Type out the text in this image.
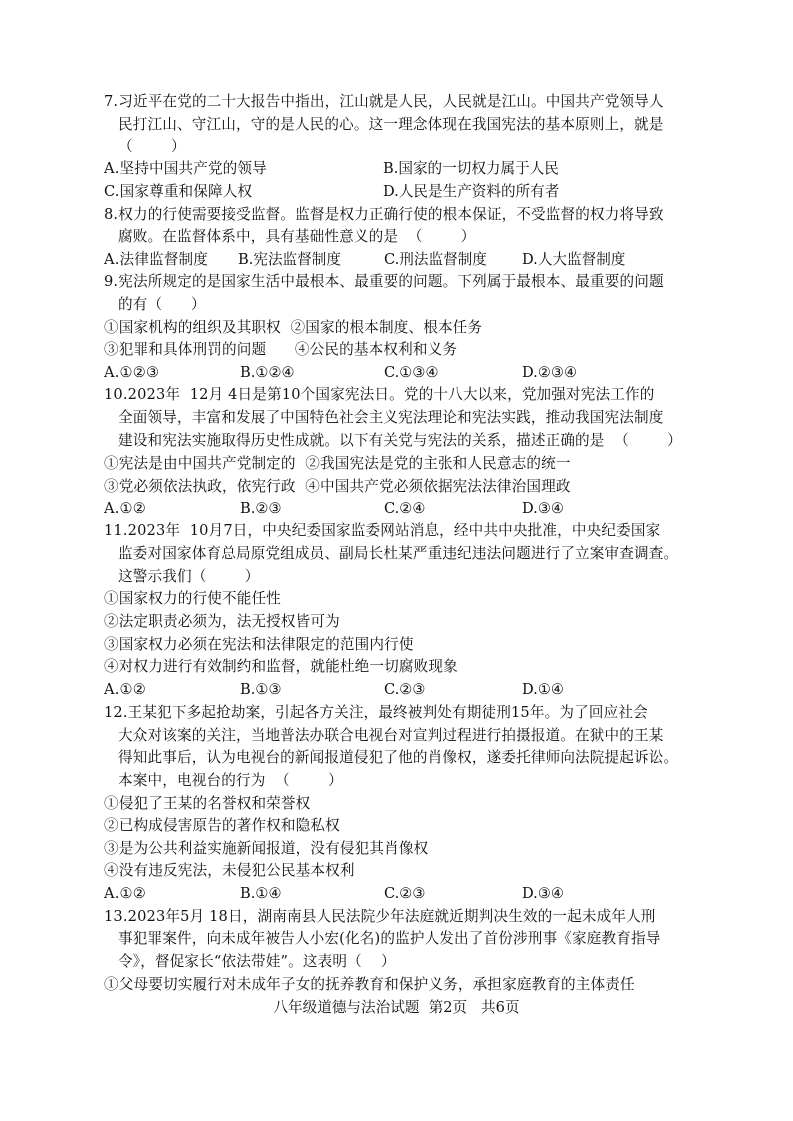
7.习近平在党的二十大报告中指出，江山就是人民，人民就是江山。中国共产党领导人
民打江山、守江山，守的是人民的心。这一理念体现在我国宪法的基本原则上，就是
（        ）
A.坚持中国共产党的领导	B.国家的一切权力属于人民
C.国家尊重和保障人权	D.人民是生产资料的所有者
8.权力的行使需要接受监督。监督是权力正确行使的根本保证，不受监督的权力将导致
腐败。在监督体系中，具有基础性意义的是  （        ）
A.法律监督制度 B.宪法监督制度	C.刑法监督制度 D.人大监督制度
9.宪法所规定的是国家生活中最根本、最重要的问题。下列属于最根本、最重要的问题
的有（      ）
①国家机构的组织及其职权  ②国家的根本制度、根本任务
③犯罪和具体刑罚的问题      ④公民的基本权利和义务
A.①②③	B.①②④	C.①③④	D.②③④
10.2023年  12月 4日是第10个国家宪法日。党的十八大以来，党加强对宪法工作的
全面领导，丰富和发展了中国特色社会主义宪法理论和宪法实践，推动我国宪法制度
建设和宪法实施取得历史性成就。以下有关党与宪法的关系，描述正确的是  （        ）
①宪法是由中国共产党制定的  ②我国宪法是党的主张和人民意志的统一
③党必须依法执政，依宪行政  ④中国共产党必须依据宪法法律治国理政
A.①②	B.②③	C.②④	D.③④
11.2023年  10月7日，中央纪委国家监委网站消息，经中共中央批准，中央纪委国家
监委对国家体育总局原党组成员、副局长杜某严重违纪违法问题进行了立案审查调查。
这警示我们（        ）
①国家权力的行使不能任性
②法定职责必须为，法无授权皆可为
③国家权力必须在宪法和法律限定的范围内行使
④对权力进行有效制约和监督，就能杜绝一切腐败现象
A.①②	B.①③	C.②③	D.①④
12.王某犯下多起抢劫案，引起各方关注，最终被判处有期徒刑15年。为了回应社会
大众对该案的关注，当地普法办联合电视台对宣判过程进行拍摄报道。在狱中的王某
得知此事后，认为电视台的新闻报道侵犯了他的肖像权，遂委托律师向法院提起诉讼。
本案中，电视台的行为  （        ）
①侵犯了王某的名誉权和荣誉权
②已构成侵害原告的著作权和隐私权
③是为公共利益实施新闻报道，没有侵犯其肖像权
④没有违反宪法，未侵犯公民基本权利
A.①②	B.①④	C.②③	D.③④
13.2023年5月 18日，湖南南县人民法院少年法庭就近期判决生效的一起未成年人刑
事犯罪案件，向未成年被告人小宏(化名)的监护人发出了首份涉刑事《家庭教育指导
令》，督促家长“依法带娃”。这表明（    ）
①父母要切实履行对未成年子女的抚养教育和保护义务，承担家庭教育的主体责任
八年级道德与法治试题  第2页   共6页
